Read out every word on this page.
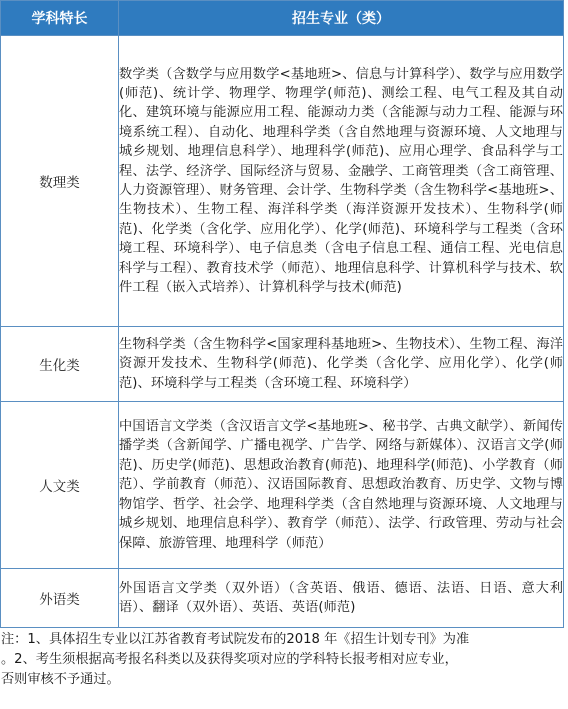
学科特长	招生专业（类）
数理类	数学类（含数学与应用数学<基地班>、信息与计算科学）、数学与应用数学(师范)、统计学、物理学、物理学(师范)、测绘工程、电气工程及其自动化、建筑环境与能源应用工程、能源动力类（含能源与动力工程、能源与环境系统工程）、自动化、地理科学类（含自然地理与资源环境、人文地理与城乡规划、地理信息科学）、地理科学(师范)、应用心理学、食品科学与工程、法学、经济学、国际经济与贸易、金融学、工商管理类（含工商管理、人力资源管理）、财务管理、会计学、生物科学类（含生物科学<基地班>、生物技术）、生物工程、海洋科学类（海洋资源开发技术）、生物科学(师范)、化学类（含化学、应用化学）、化学(师范)、环境科学与工程类（含环境工程、环境科学）、电子信息类（含电子信息工程、通信工程、光电信息科学与工程）、教育技术学（师范）、地理信息科学、计算机科学与技术、软件工程（嵌入式培养）、计算机科学与技术(师范)
生化类	生物科学类（含生物科学<国家理科基地班>、生物技术）、生物工程、海洋资源开发技术、生物科学(师范)、化学类（含化学、应用化学）、化学(师范)、环境科学与工程类（含环境工程、环境科学）
人文类	中国语言文学类（含汉语言文学<基地班>、秘书学、古典文献学）、新闻传播学类（含新闻学、广播电视学、广告学、网络与新媒体）、汉语言文学(师范)、历史学(师范)、思想政治教育(师范)、地理科学(师范)、小学教育（师范）、学前教育（师范）、汉语国际教育、思想政治教育、历史学、文物与博物馆学、哲学、社会学、地理科学类（含自然地理与资源环境、人文地理与城乡规划、地理信息科学）、教育学（师范）、法学、行政管理、劳动与社会保障、旅游管理、地理科学（师范）
外语类	外国语言文学类（双外语）（含英语、俄语、德语、法语、日语、意大利语）、翻译（双外语）、英语、英语(师范)
注：1、具体招生专业以江苏省教育考试院发布的2018 年《招生计划专刊》为准
。2、考生须根据高考报名科类以及获得奖项对应的学科特长报考相对应专业，
否则审核不予通过。
